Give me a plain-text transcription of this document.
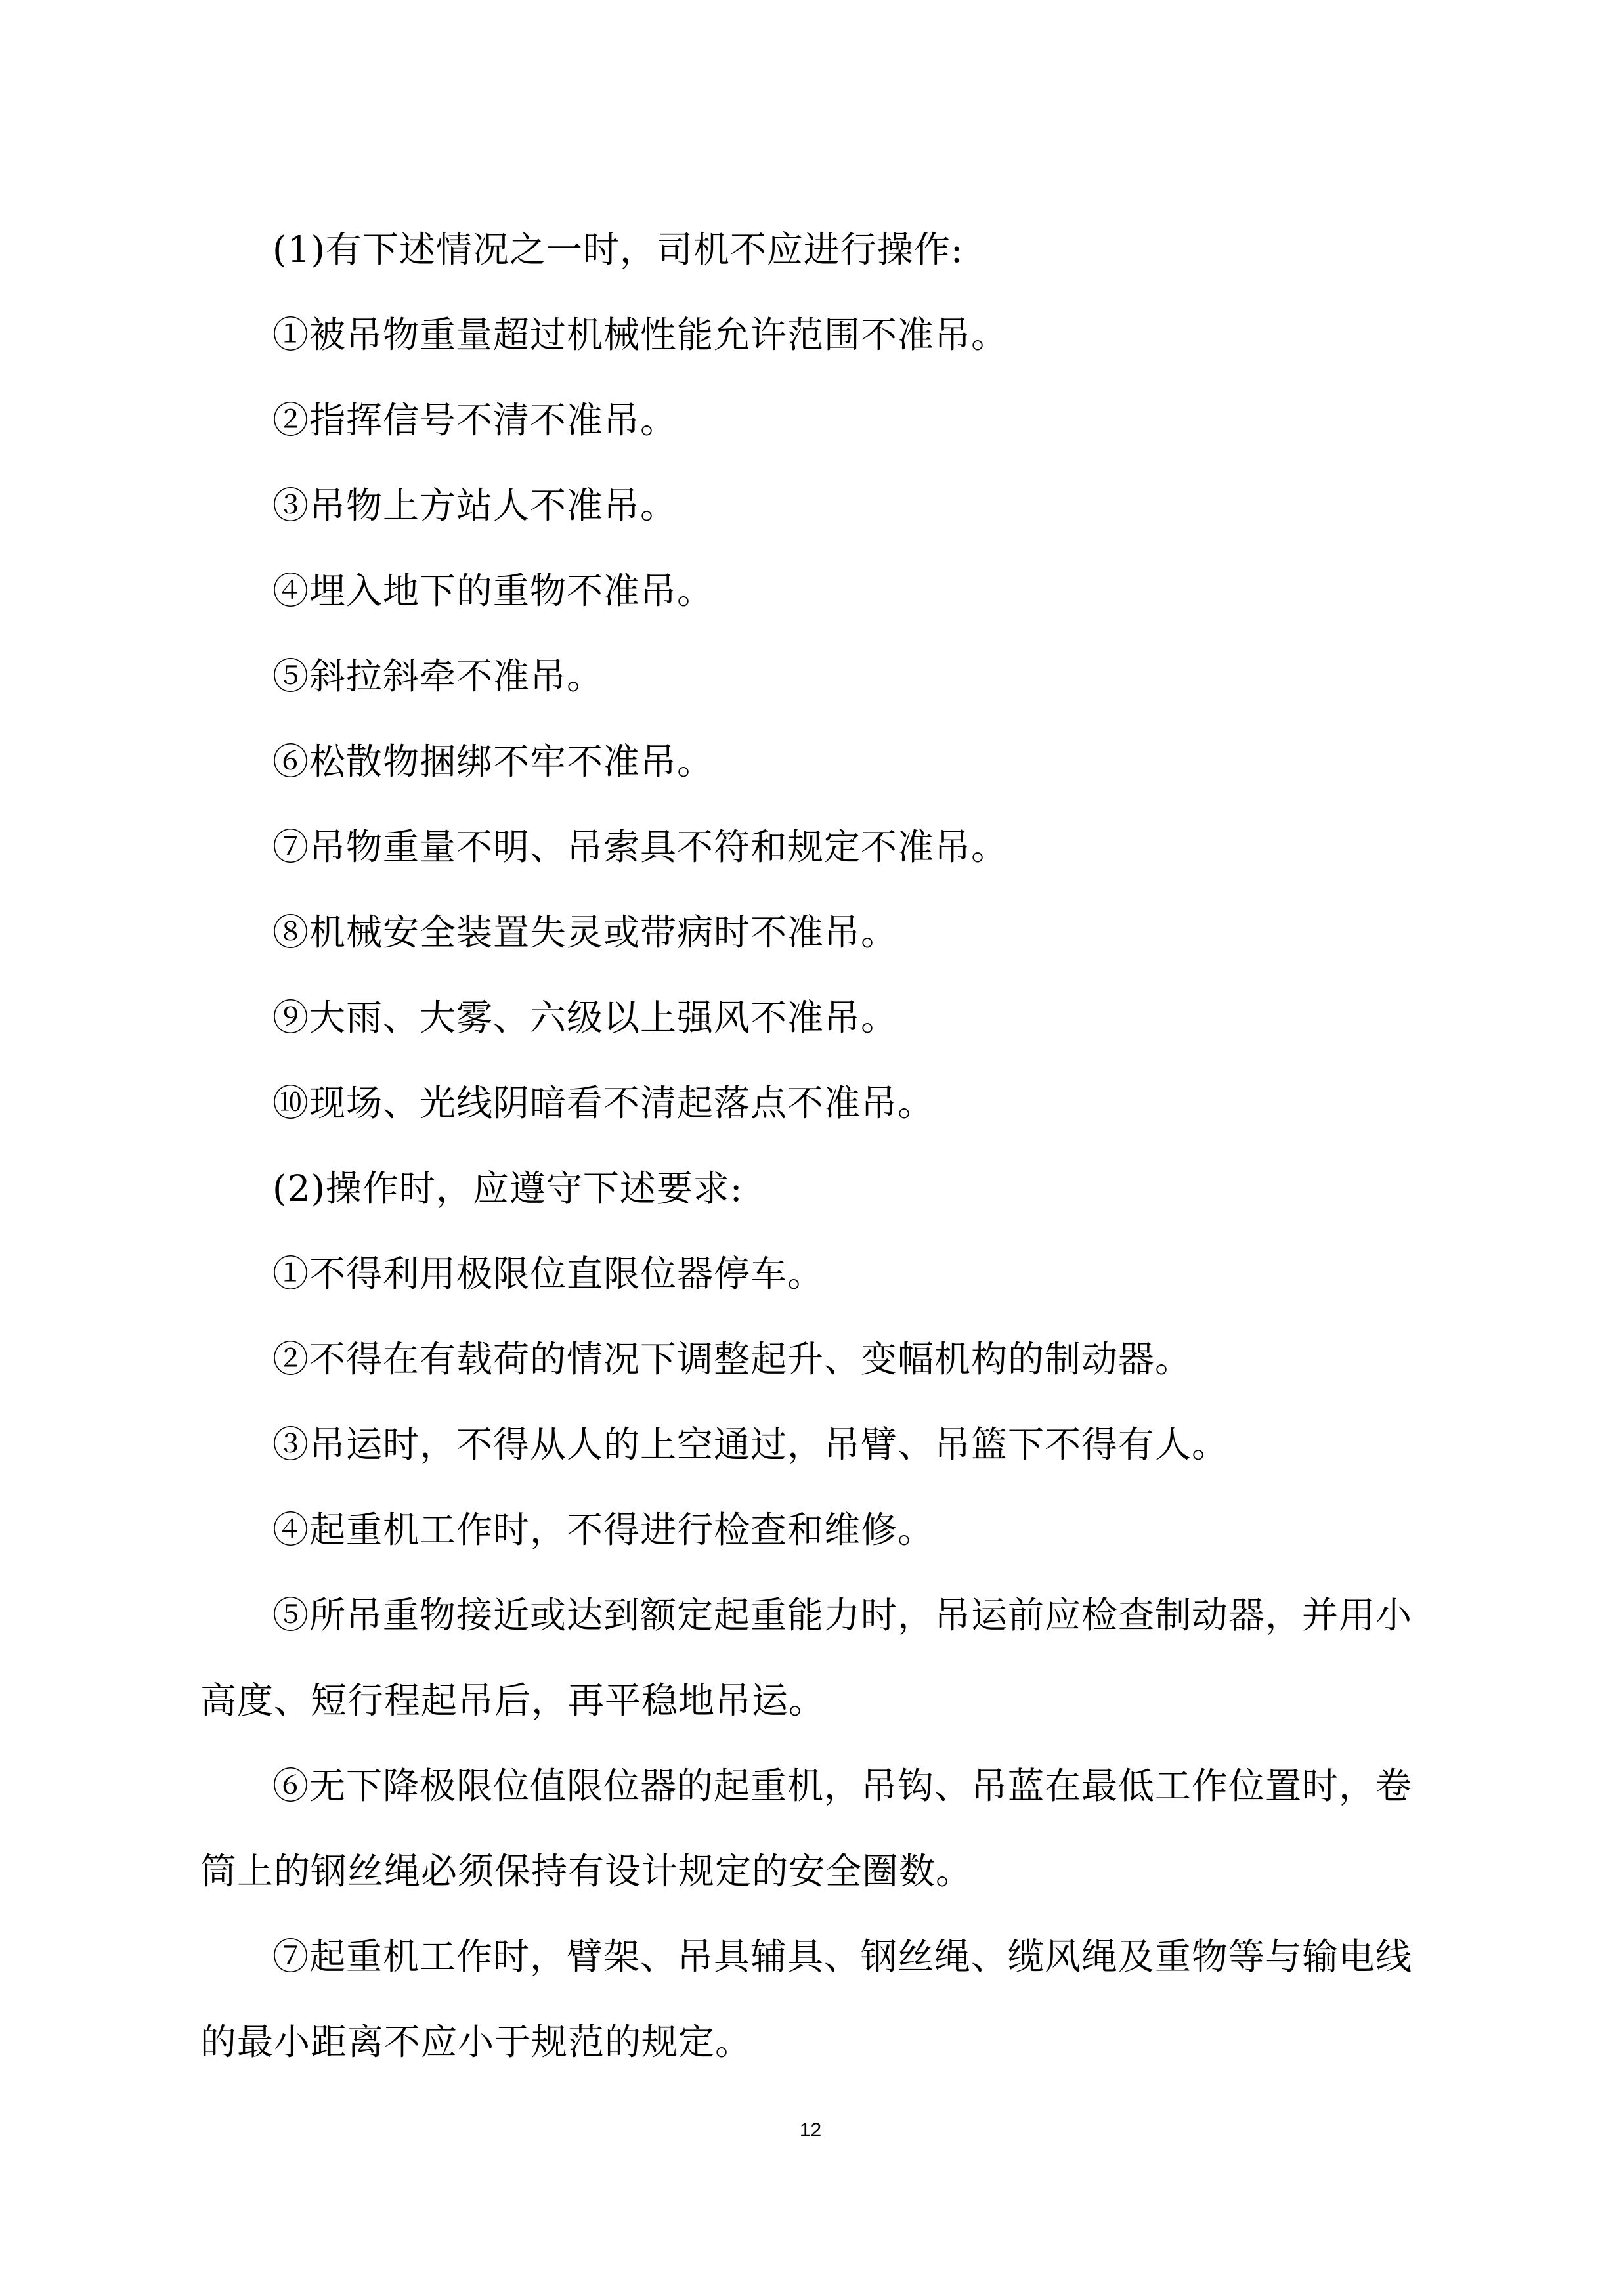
(1)有下述情况之一时，司机不应进行操作:

①被吊物重量超过机械性能允许范围不准吊。

②指挥信号不清不准吊。

③吊物上方站人不准吊。

④埋入地下的重物不准吊。

⑤斜拉斜牵不准吊。

⑥松散物捆绑不牢不准吊。

⑦吊物重量不明、吊索具不符和规定不准吊。

⑧机械安全装置失灵或带病时不准吊。

⑨大雨、大雾、六级以上强风不准吊。

⑩现场、光线阴暗看不清起落点不准吊。

(2)操作时，应遵守下述要求:

①不得利用极限位直限位器停车。

②不得在有载荷的情况下调整起升、变幅机构的制动器。

③吊运时，不得从人的上空通过，吊臂、吊篮下不得有人。

④起重机工作时，不得进行检查和维修。

⑤所吊重物接近或达到额定起重能力时，吊运前应检查制动器，并用小高度、短行程起吊后，再平稳地吊运。

⑥无下降极限位值限位器的起重机，吊钩、吊蓝在最低工作位置时，卷筒上的钢丝绳必须保持有设计规定的安全圈数。

⑦起重机工作时，臂架、吊具辅具、钢丝绳、缆风绳及重物等与输电线的最小距离不应小于规范的规定。

12
